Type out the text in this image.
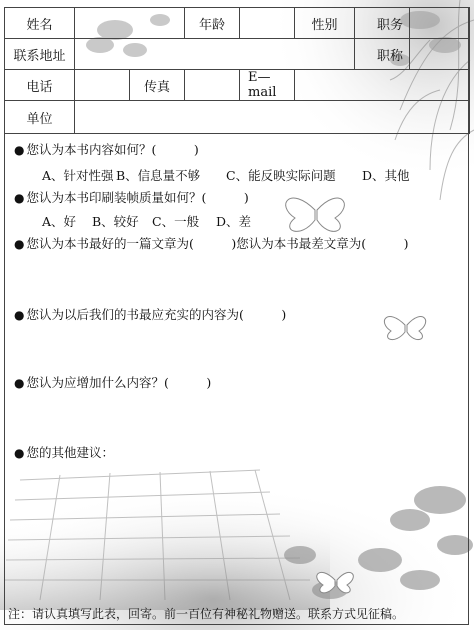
姓名			年龄		性别	职务	
联系地址						职称	
电话		传真		E—mail			
单位							
● 您认为本书内容如何？(　　　)
A、针对性强 B、信息量不够 C、能反映实际问题 D、其他
● 您认为本书印刷装帧质量如何？(　　　)
A、好 B、较好 C、一般 D、差
● 您认为本书最好的一篇文章为(　　　)您认为本书最差文章为(　　　)
● 您认为以后我们的书最应充实的内容为(　　　)
● 您认为应增加什么内容？(　　　)
● 您的其他建议：
注：请认真填写此表，回寄。前一百位有神秘礼物赠送。联系方式见征稿。
